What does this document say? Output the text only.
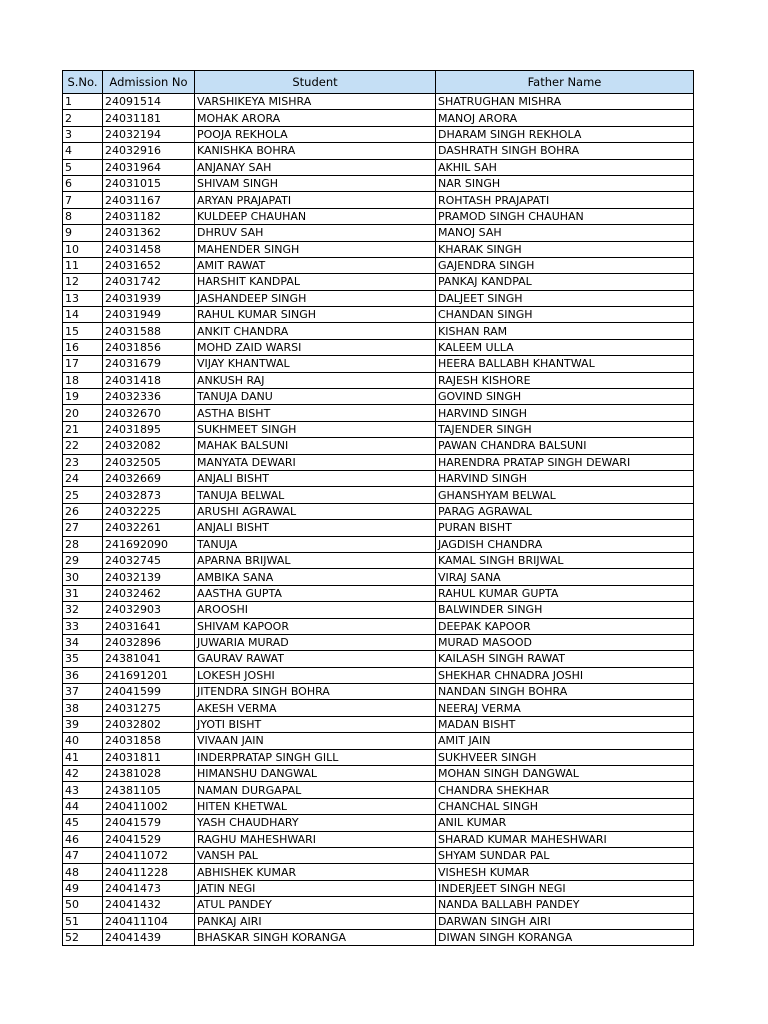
S.No.	Admission No	Student	Father Name
1	24091514	VARSHIKEYA MISHRA	SHATRUGHAN MISHRA
2	24031181	MOHAK ARORA	MANOJ ARORA
3	24032194	POOJA REKHOLA	DHARAM SINGH REKHOLA
4	24032916	KANISHKA BOHRA	DASHRATH SINGH BOHRA
5	24031964	ANJANAY SAH	AKHIL SAH
6	24031015	SHIVAM SINGH	NAR SINGH
7	24031167	ARYAN PRAJAPATI	ROHTASH PRAJAPATI
8	24031182	KULDEEP CHAUHAN	PRAMOD SINGH CHAUHAN
9	24031362	DHRUV SAH	MANOJ SAH
10	24031458	MAHENDER SINGH	KHARAK SINGH
11	24031652	AMIT RAWAT	GAJENDRA SINGH
12	24031742	HARSHIT KANDPAL	PANKAJ KANDPAL
13	24031939	JASHANDEEP SINGH	DALJEET SINGH
14	24031949	RAHUL KUMAR SINGH	CHANDAN SINGH
15	24031588	ANKIT CHANDRA	KISHAN RAM
16	24031856	MOHD ZAID WARSI	KALEEM ULLA
17	24031679	VIJAY KHANTWAL	HEERA BALLABH KHANTWAL
18	24031418	ANKUSH RAJ	RAJESH KISHORE
19	24032336	TANUJA DANU	GOVIND SINGH
20	24032670	ASTHA BISHT	HARVIND SINGH
21	24031895	SUKHMEET SINGH	TAJENDER SINGH
22	24032082	MAHAK BALSUNI	PAWAN CHANDRA BALSUNI
23	24032505	MANYATA DEWARI	HARENDRA PRATAP SINGH DEWARI
24	24032669	ANJALI BISHT	HARVIND SINGH
25	24032873	TANUJA BELWAL	GHANSHYAM BELWAL
26	24032225	ARUSHI AGRAWAL	PARAG AGRAWAL
27	24032261	ANJALI BISHT	PURAN BISHT
28	241692090	TANUJA	JAGDISH CHANDRA
29	24032745	APARNA BRIJWAL	KAMAL SINGH BRIJWAL
30	24032139	AMBIKA SANA	VIRAJ SANA
31	24032462	AASTHA GUPTA	RAHUL KUMAR GUPTA
32	24032903	AROOSHI	BALWINDER SINGH
33	24031641	SHIVAM KAPOOR	DEEPAK KAPOOR
34	24032896	JUWARIA MURAD	MURAD MASOOD
35	24381041	GAURAV RAWAT	KAILASH SINGH RAWAT
36	241691201	LOKESH JOSHI	SHEKHAR CHNADRA JOSHI
37	24041599	JITENDRA SINGH BOHRA	NANDAN SINGH BOHRA
38	24031275	AKESH VERMA	NEERAJ VERMA
39	24032802	JYOTI BISHT	MADAN BISHT
40	24031858	VIVAAN JAIN	AMIT JAIN
41	24031811	INDERPRATAP SINGH GILL	SUKHVEER SINGH
42	24381028	HIMANSHU DANGWAL	MOHAN SINGH DANGWAL
43	24381105	NAMAN DURGAPAL	CHANDRA SHEKHAR
44	240411002	HITEN KHETWAL	CHANCHAL SINGH
45	24041579	YASH CHAUDHARY	ANIL KUMAR
46	24041529	RAGHU MAHESHWARI	SHARAD KUMAR MAHESHWARI
47	240411072	VANSH PAL	SHYAM SUNDAR PAL
48	240411228	ABHISHEK KUMAR	VISHESH KUMAR
49	24041473	JATIN NEGI	INDERJEET SINGH NEGI
50	24041432	ATUL PANDEY	NANDA BALLABH PANDEY
51	240411104	PANKAJ AIRI	DARWAN SINGH AIRI
52	24041439	BHASKAR SINGH KORANGA	DIWAN SINGH KORANGA
